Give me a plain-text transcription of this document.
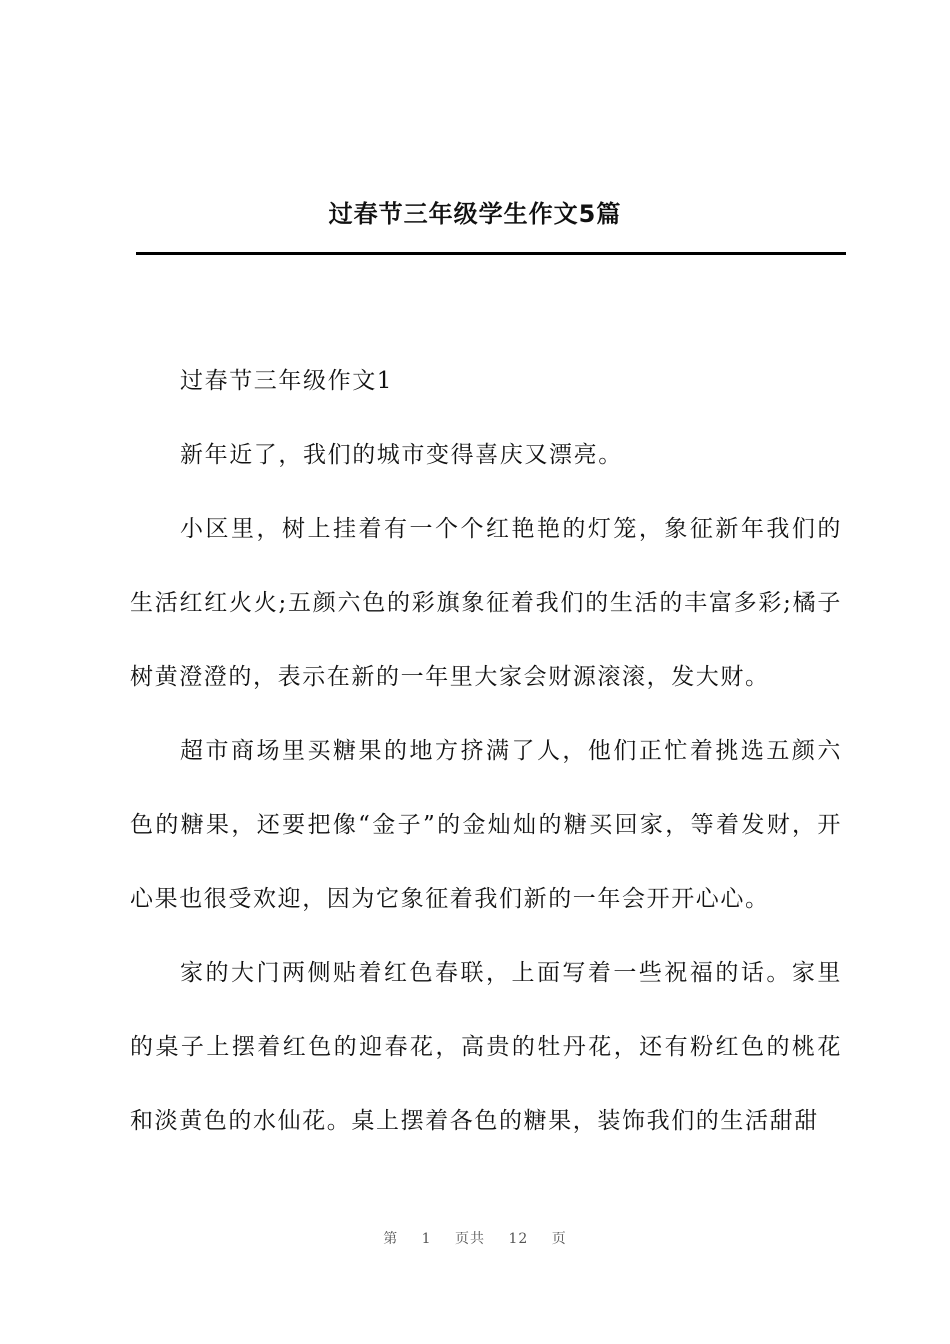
过春节三年级学生作文5篇

过春节三年级作文1

新年近了，我们的城市变得喜庆又漂亮。

小区里，树上挂着有一个个红艳艳的灯笼，象征新年我们的生活红红火火;五颜六色的彩旗象征着我们的生活的丰富多彩;橘子树黄澄澄的，表示在新的一年里大家会财源滚滚，发大财。

超市商场里买糖果的地方挤满了人，他们正忙着挑选五颜六色的糖果，还要把像“金子”的金灿灿的糖买回家，等着发财，开心果也很受欢迎，因为它象征着我们新的一年会开开心心。

家的大门两侧贴着红色春联，上面写着一些祝福的话。家里的桌子上摆着红色的迎春花，高贵的牡丹花，还有粉红色的桃花和淡黄色的水仙花。桌上摆着各色的糖果，装饰我们的生活甜甜

第 1 页共 12 页
